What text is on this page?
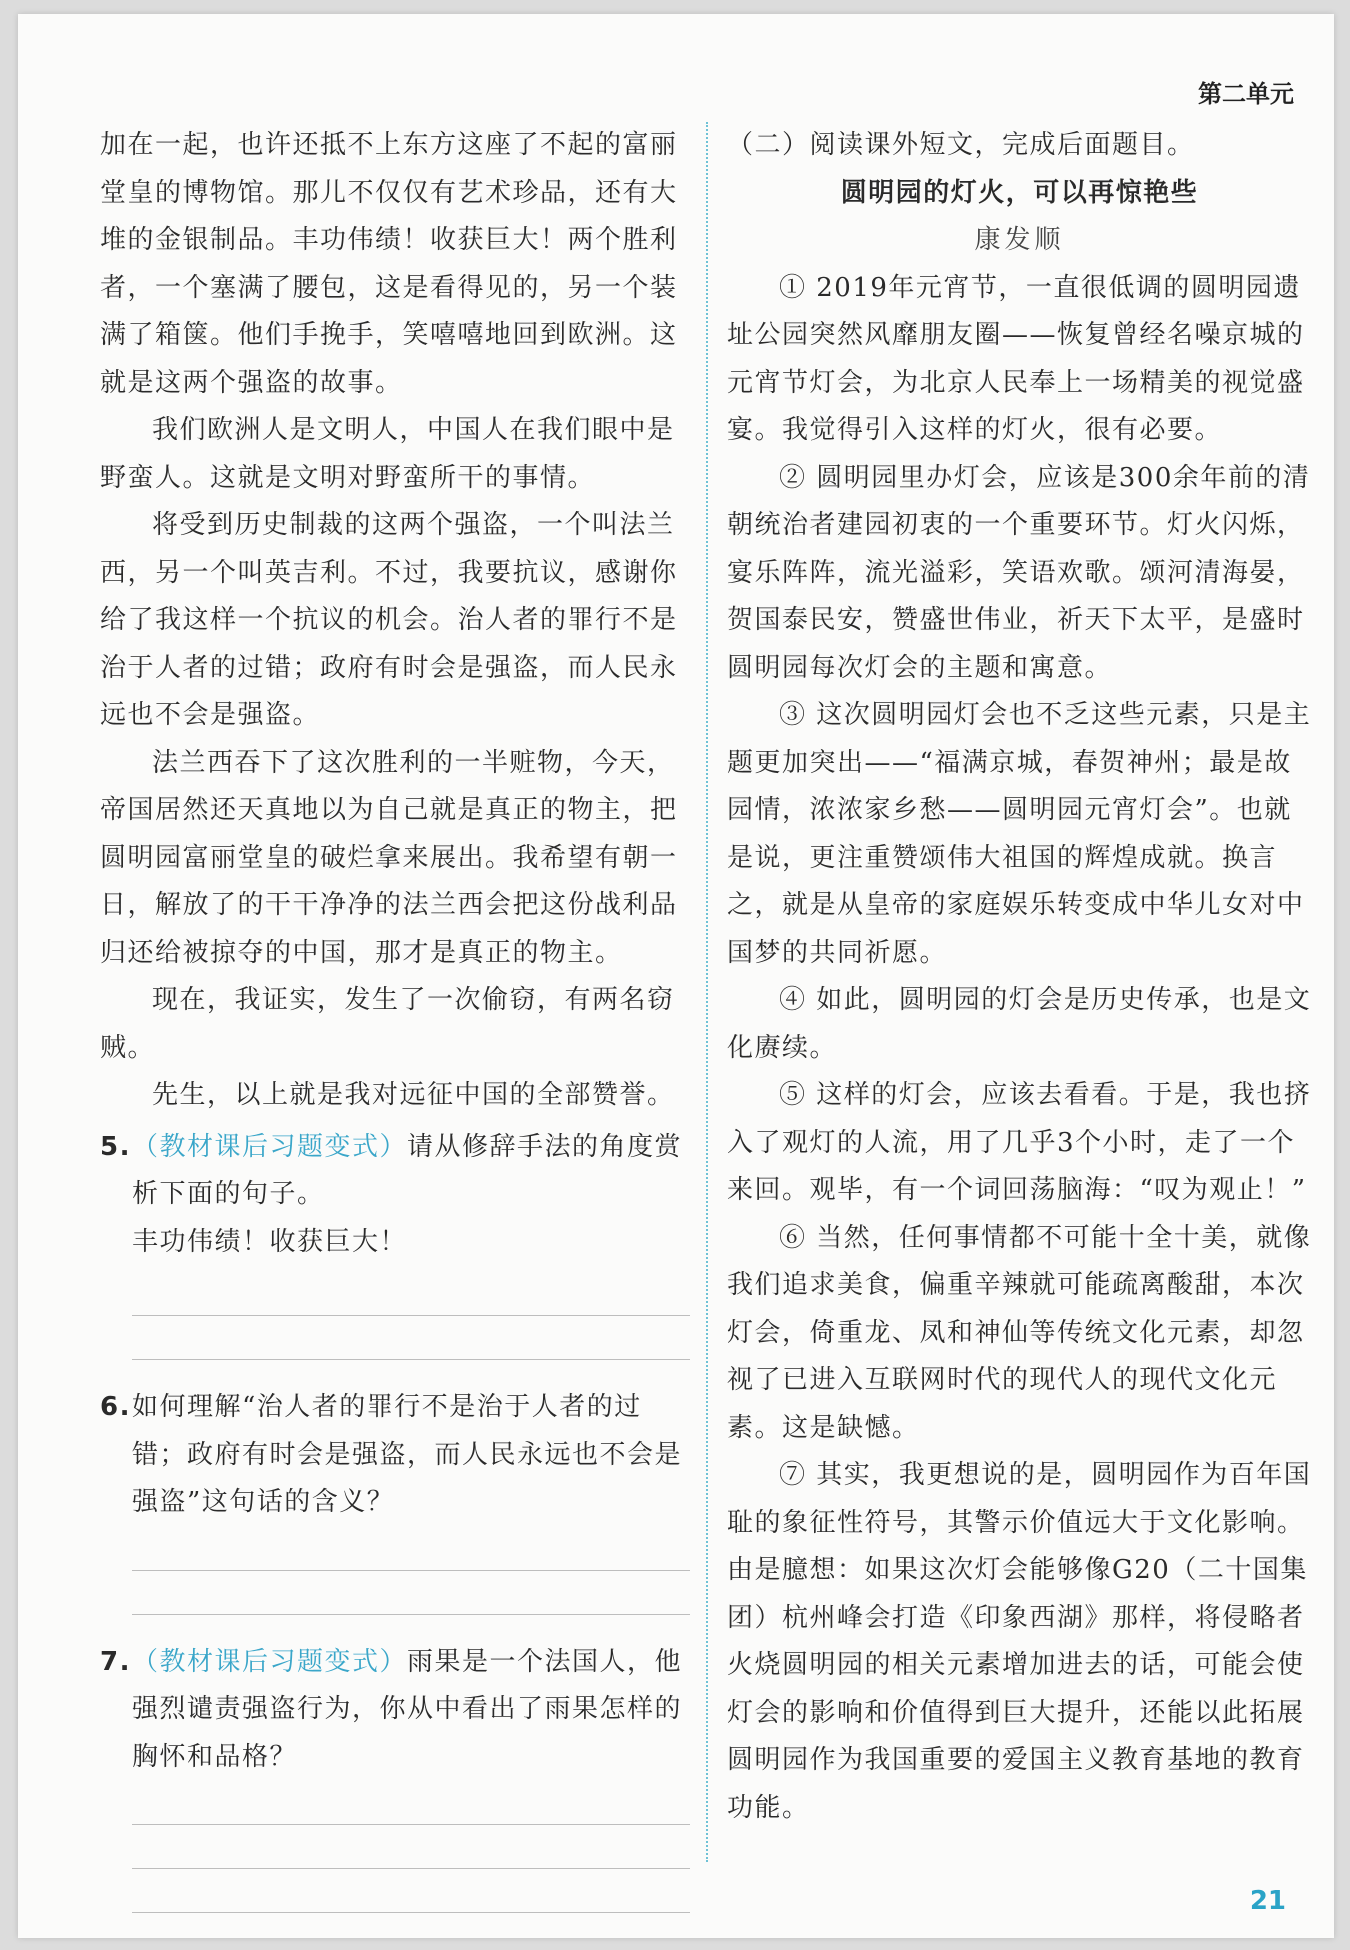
第二单元

加在一起，也许还抵不上东方这座了不起的富丽堂皇的博物馆。那儿不仅仅有艺术珍品，还有大堆的金银制品。丰功伟绩！收获巨大！两个胜利者，一个塞满了腰包，这是看得见的，另一个装满了箱箧。他们手挽手，笑嘻嘻地回到欧洲。这就是这两个强盗的故事。

我们欧洲人是文明人，中国人在我们眼中是野蛮人。这就是文明对野蛮所干的事情。

将受到历史制裁的这两个强盗，一个叫法兰西，另一个叫英吉利。不过，我要抗议，感谢你给了我这样一个抗议的机会。治人者的罪行不是治于人者的过错；政府有时会是强盗，而人民永远也不会是强盗。

法兰西吞下了这次胜利的一半赃物，今天，帝国居然还天真地以为自己就是真正的物主，把圆明园富丽堂皇的破烂拿来展出。我希望有朝一日，解放了的干干净净的法兰西会把这份战利品归还给被掠夺的中国，那才是真正的物主。

现在，我证实，发生了一次偷窃，有两名窃贼。

先生，以上就是我对远征中国的全部赞誉。

5. （教材课后习题变式）请从修辞手法的角度赏析下面的句子。
丰功伟绩！收获巨大！
6. 如何理解“治人者的罪行不是治于人者的过错；政府有时会是强盗，而人民永远也不会是强盗”这句话的含义？
7. （教材课后习题变式）雨果是一个法国人，他强烈谴责强盗行为，你从中看出了雨果怎样的胸怀和品格？

（二）阅读课外短文，完成后面题目。

圆明园的灯火，可以再惊艳些

康发顺

① 2019年元宵节，一直很低调的圆明园遗址公园突然风靡朋友圈——恢复曾经名噪京城的元宵节灯会，为北京人民奉上一场精美的视觉盛宴。我觉得引入这样的灯火，很有必要。

② 圆明园里办灯会，应该是300余年前的清朝统治者建园初衷的一个重要环节。灯火闪烁，宴乐阵阵，流光溢彩，笑语欢歌。颂河清海晏，贺国泰民安，赞盛世伟业，祈天下太平，是盛时圆明园每次灯会的主题和寓意。

③ 这次圆明园灯会也不乏这些元素，只是主题更加突出——“福满京城，春贺神州；最是故园情，浓浓家乡愁——圆明园元宵灯会”。也就是说，更注重赞颂伟大祖国的辉煌成就。换言之，就是从皇帝的家庭娱乐转变成中华儿女对中国梦的共同祈愿。

④ 如此，圆明园的灯会是历史传承，也是文化赓续。

⑤ 这样的灯会，应该去看看。于是，我也挤入了观灯的人流，用了几乎3个小时，走了一个来回。观毕，有一个词回荡脑海：“叹为观止！”

⑥ 当然，任何事情都不可能十全十美，就像我们追求美食，偏重辛辣就可能疏离酸甜，本次灯会，倚重龙、凤和神仙等传统文化元素，却忽视了已进入互联网时代的现代人的现代文化元素。这是缺憾。

⑦ 其实，我更想说的是，圆明园作为百年国耻的象征性符号，其警示价值远大于文化影响。由是臆想：如果这次灯会能够像G20（二十国集团）杭州峰会打造《印象西湖》那样，将侵略者火烧圆明园的相关元素增加进去的话，可能会使灯会的影响和价值得到巨大提升，还能以此拓展圆明园作为我国重要的爱国主义教育基地的教育功能。

21
